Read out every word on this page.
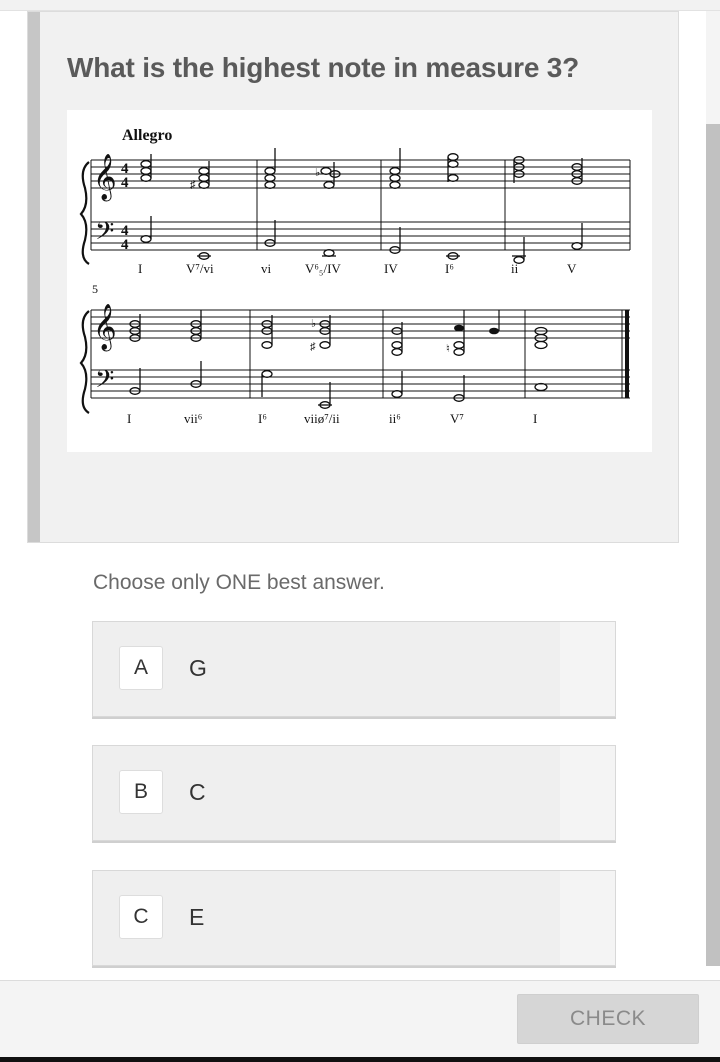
What is the highest note in measure 3?
Allegro
𝄞
𝄢
4
4
4
4
♯
♭
I	V⁷/vi	vi	V⁶₅/IV	IV	I⁶	ii	V
5
𝄞
𝄢
♭
♯	♮
I	vii⁶	I⁶	viiø⁷/ii	ii⁶	V⁷	I

Choose only ONE best answer.

A	G
B	C
C	E
CHECK
